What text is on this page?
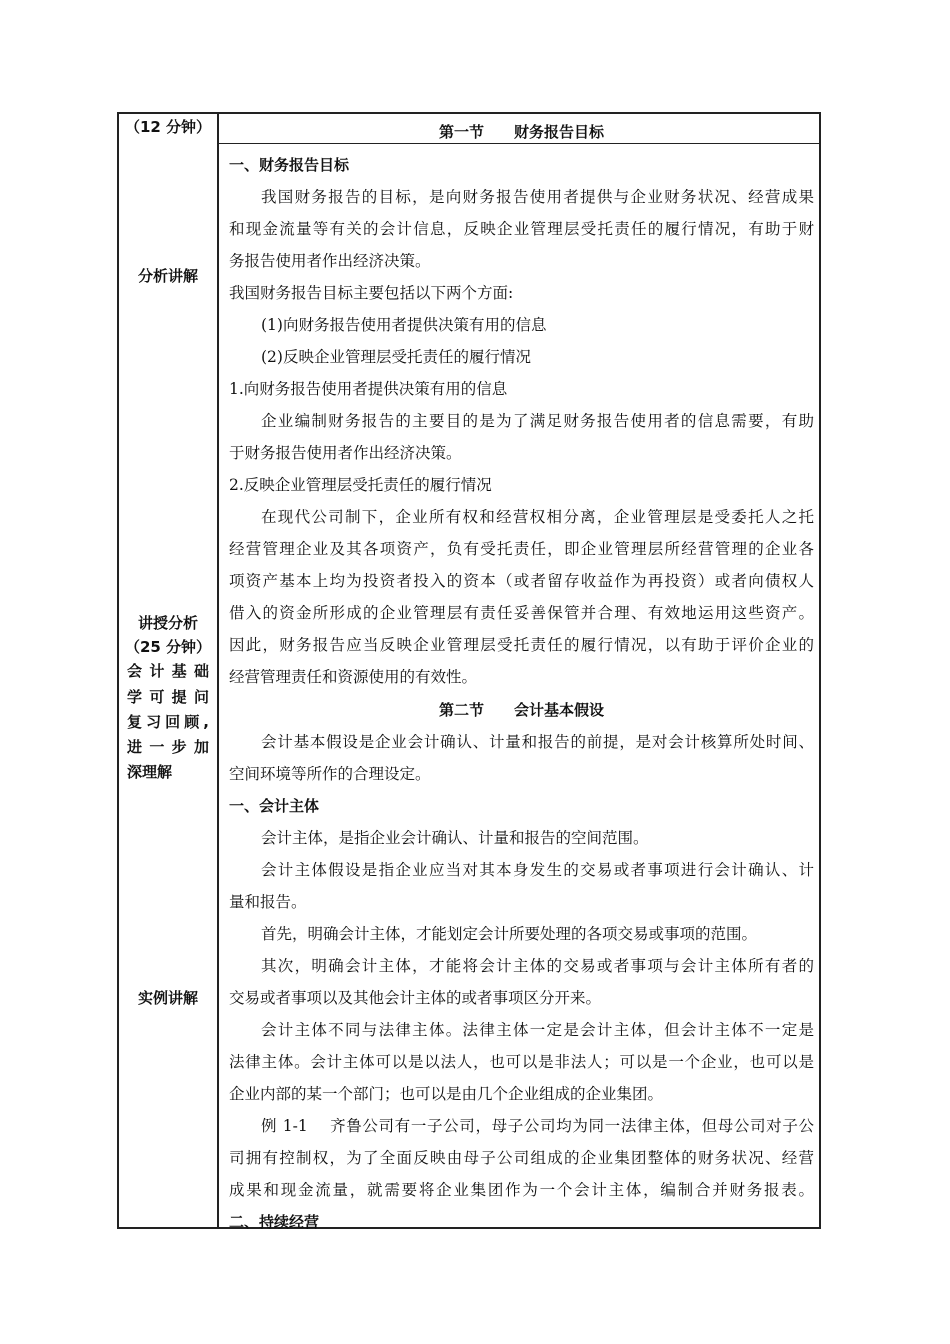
（12 分钟）
分析讲解
讲授分析
（25 分钟）
会计基础
学可提问
复习回顾,
进一步加
深理解
实例讲解
第一节　　财务报告目标
一、财务报告目标
我国财务报告的目标，是向财务报告使用者提供与企业财务状况、经营成果
和现金流量等有关的会计信息，反映企业管理层受托责任的履行情况，有助于财
务报告使用者作出经济决策。
我国财务报告目标主要包括以下两个方面:
(1)向财务报告使用者提供决策有用的信息
(2)反映企业管理层受托责任的履行情况
1.向财务报告使用者提供决策有用的信息
企业编制财务报告的主要目的是为了满足财务报告使用者的信息需要，有助
于财务报告使用者作出经济决策。
2.反映企业管理层受托责任的履行情况
在现代公司制下，企业所有权和经营权相分离，企业管理层是受委托人之托
经营管理企业及其各项资产，负有受托责任，即企业管理层所经营管理的企业各
项资产基本上均为投资者投入的资本（或者留存收益作为再投资）或者向债权人
借入的资金所形成的企业管理层有责任妥善保管并合理、有效地运用这些资产。
因此，财务报告应当反映企业管理层受托责任的履行情况，以有助于评价企业的
经营管理责任和资源使用的有效性。
第二节　　会计基本假设
会计基本假设是企业会计确认、计量和报告的前提，是对会计核算所处时间、
空间环境等所作的合理设定。
一、会计主体
会计主体，是指企业会计确认、计量和报告的空间范围。
会计主体假设是指企业应当对其本身发生的交易或者事项进行会计确认、计
量和报告。
首先，明确会计主体，才能划定会计所要处理的各项交易或事项的范围。
其次，明确会计主体，才能将会计主体的交易或者事项与会计主体所有者的
交易或者事项以及其他会计主体的或者事项区分开来。
会计主体不同与法律主体。法律主体一定是会计主体，但会计主体不一定是
法律主体。会计主体可以是以法人，也可以是非法人；可以是一个企业，也可以是
企业内部的某一个部门；也可以是由几个企业组成的企业集团。
例 1-1　 齐鲁公司有一子公司，母子公司均为同一法律主体，但母公司对子公
司拥有控制权，为了全面反映由母子公司组成的企业集团整体的财务状况、经营
成果和现金流量，就需要将企业集团作为一个会计主体，编制合并财务报表。
二、持续经营
